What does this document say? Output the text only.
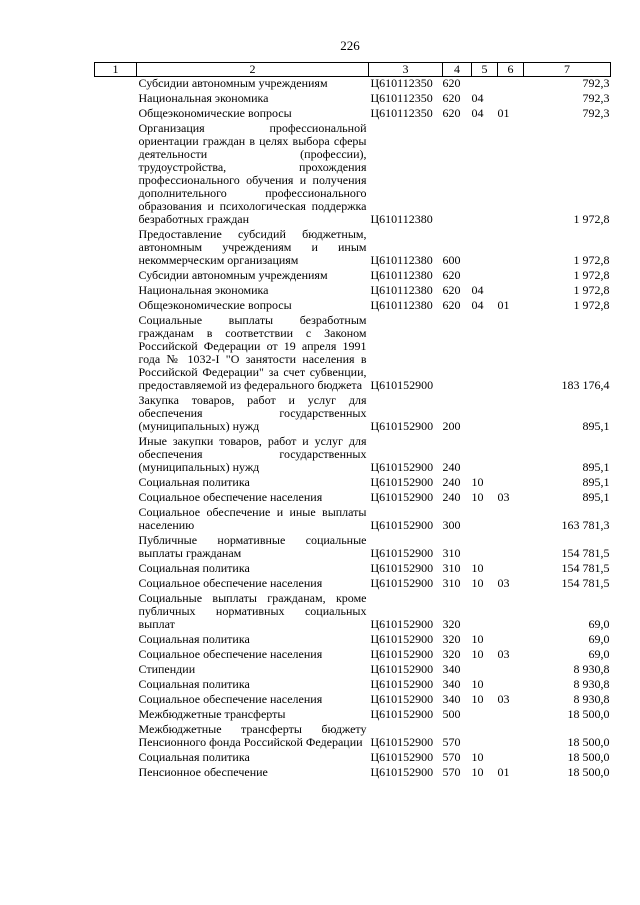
226
1	2	3	4	5	6	7
	Субсидии автономным учреждениям	Ц610112350	620			792,3
	Национальная экономика	Ц610112350	620	04		792,3
	Общеэкономические вопросы	Ц610112350	620	04	01	792,3
	Организация профессиональной ориентации граждан в целях выбора сферы деятельности (профессии), трудоустройства, прохождения профессионального обучения и получения дополнительного профессионального образования и психологическая поддержка безработных граждан	Ц610112380				1 972,8
	Предоставление субсидий бюджетным, автономным учреждениям и иным некоммерческим организациям	Ц610112380	600			1 972,8
	Субсидии автономным учреждениям	Ц610112380	620			1 972,8
	Национальная экономика	Ц610112380	620	04		1 972,8
	Общеэкономические вопросы	Ц610112380	620	04	01	1 972,8
	Социальные выплаты безработным гражданам в соответствии с Законом Российской Федерации от 19 апреля 1991 года № 1032-I "О занятости населения в Российской Федерации" за счет субвенции, предоставляемой из федерального бюджета	Ц610152900				183 176,4
	Закупка товаров, работ и услуг для обеспечения государственных (муниципальных) нужд	Ц610152900	200			895,1
	Иные закупки товаров, работ и услуг для обеспечения государственных (муниципальных) нужд	Ц610152900	240			895,1
	Социальная политика	Ц610152900	240	10		895,1
	Социальное обеспечение населения	Ц610152900	240	10	03	895,1
	Социальное обеспечение и иные выплаты населению	Ц610152900	300			163 781,3
	Публичные нормативные социальные выплаты гражданам	Ц610152900	310			154 781,5
	Социальная политика	Ц610152900	310	10		154 781,5
	Социальное обеспечение населения	Ц610152900	310	10	03	154 781,5
	Социальные выплаты гражданам, кроме публичных нормативных социальных выплат	Ц610152900	320			69,0
	Социальная политика	Ц610152900	320	10		69,0
	Социальное обеспечение населения	Ц610152900	320	10	03	69,0
	Стипендии	Ц610152900	340			8 930,8
	Социальная политика	Ц610152900	340	10		8 930,8
	Социальное обеспечение населения	Ц610152900	340	10	03	8 930,8
	Межбюджетные трансферты	Ц610152900	500			18 500,0
	Межбюджетные трансферты бюджету Пенсионного фонда Российской Федерации	Ц610152900	570			18 500,0
	Социальная политика	Ц610152900	570	10		18 500,0
	Пенсионное обеспечение	Ц610152900	570	10	01	18 500,0
